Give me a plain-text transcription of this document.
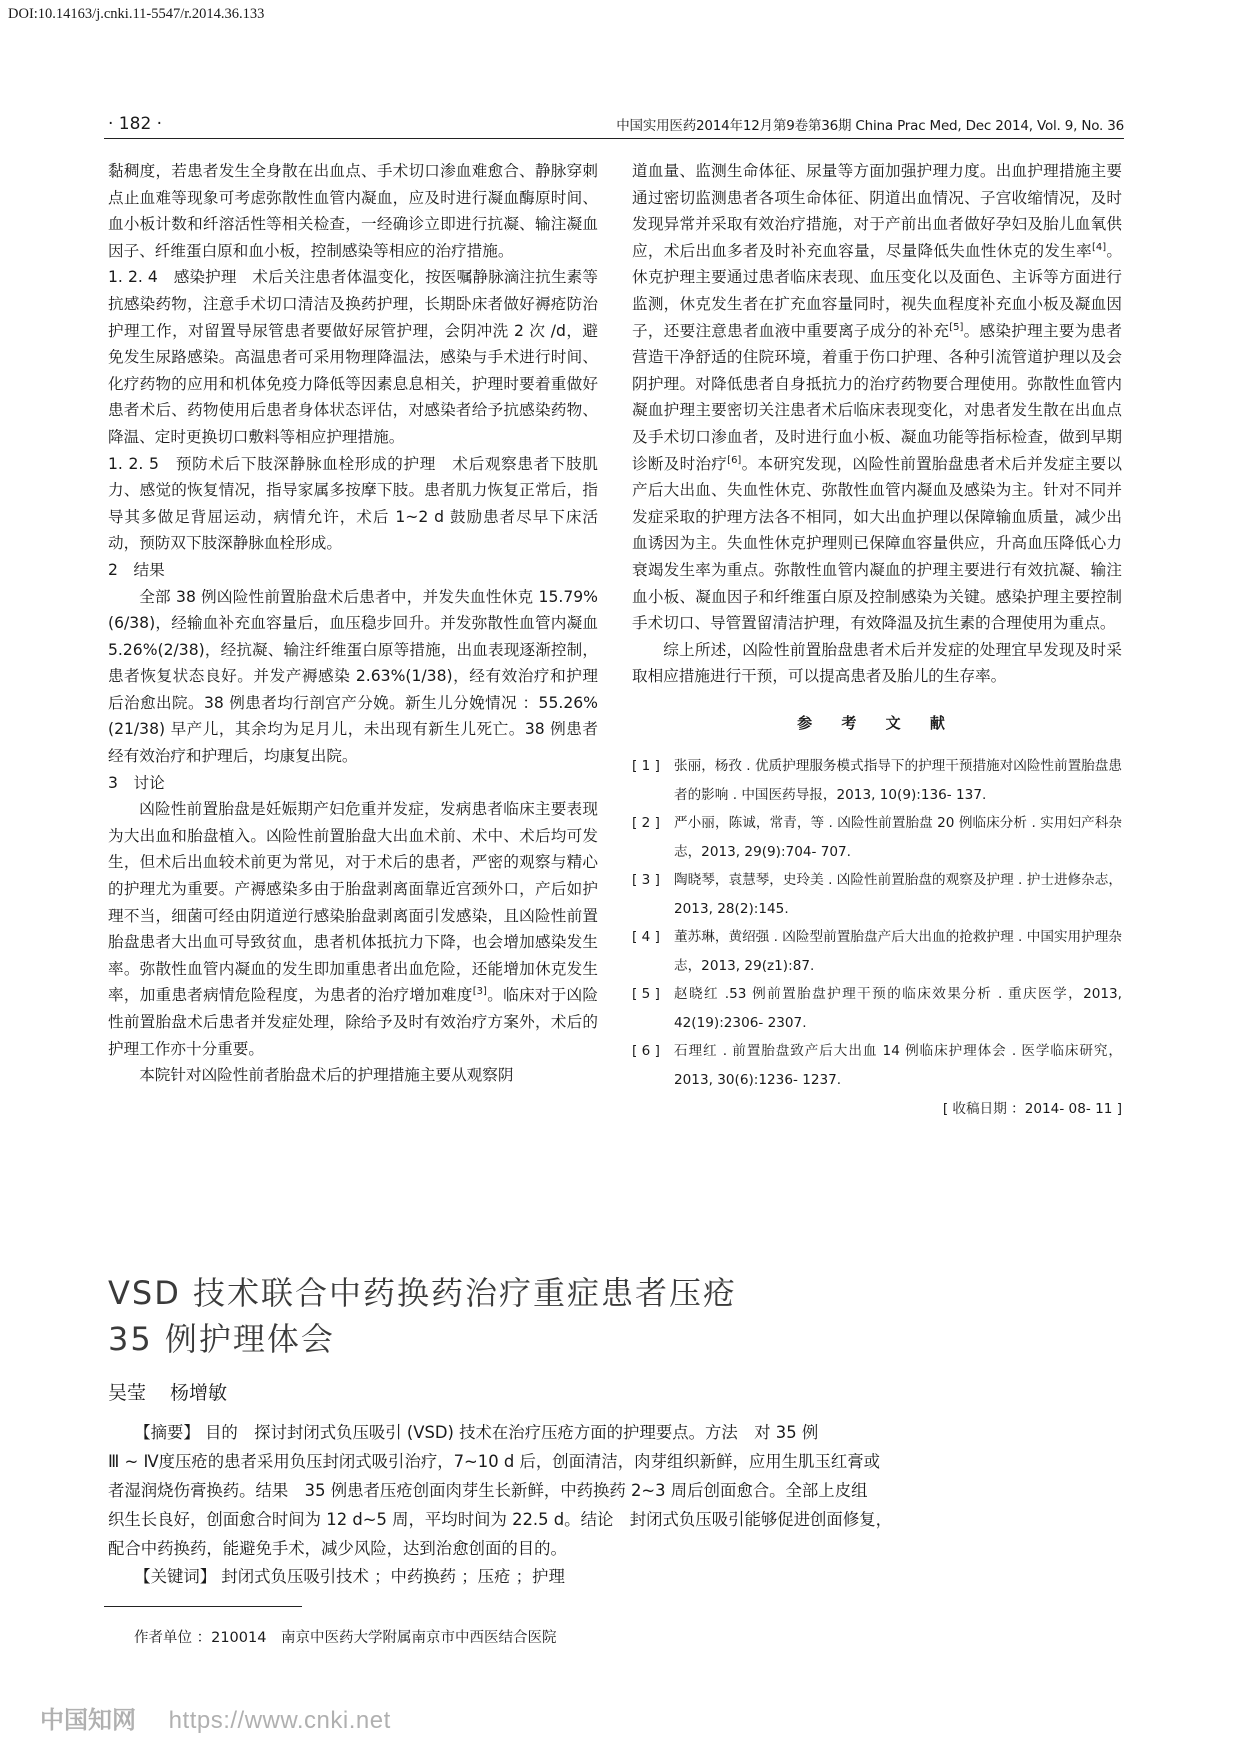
DOI:10.14163/j.cnki.11-5547/r.2014.36.133
· 182 ·	中国实用医药2014年12月第9卷第36期 China Prac Med, Dec 2014, Vol. 9, No. 36

黏稠度，若患者发生全身散在出血点、手术切口渗血难愈合、静脉穿刺点止血难等现象可考虑弥散性血管内凝血，应及时进行凝血酶原时间、血小板计数和纤溶活性等相关检查，一经确诊立即进行抗凝、输注凝血因子、纤维蛋白原和血小板，控制感染等相应的治疗措施。

1. 2. 4　感染护理　术后关注患者体温变化，按医嘱静脉滴注抗生素等抗感染药物，注意手术切口清洁及换药护理，长期卧床者做好褥疮防治护理工作，对留置导尿管患者要做好尿管护理，会阴冲洗 2 次 /d，避免发生尿路感染。高温患者可采用物理降温法，感染与手术进行时间、化疗药物的应用和机体免疫力降低等因素息息相关，护理时要着重做好患者术后、药物使用后患者身体状态评估，对感染者给予抗感染药物、降温、定时更换切口敷料等相应护理措施。

1. 2. 5　预防术后下肢深静脉血栓形成的护理　术后观察患者下肢肌力、感觉的恢复情况，指导家属多按摩下肢。患者肌力恢复正常后，指导其多做足背屈运动，病情允许，术后 1~2 d 鼓励患者尽早下床活动，预防双下肢深静脉血栓形成。

2　结果

全部 38 例凶险性前置胎盘术后患者中，并发失血性休克 15.79%(6/38)，经输血补充血容量后，血压稳步回升。并发弥散性血管内凝血 5.26%(2/38)，经抗凝、输注纤维蛋白原等措施，出血表现逐渐控制，患者恢复状态良好。并发产褥感染 2.63%(1/38)，经有效治疗和护理后治愈出院。38 例患者均行剖宫产分娩。新生儿分娩情况 ：55.26%(21/38) 早产儿，其余均为足月儿，未出现有新生儿死亡。38 例患者经有效治疗和护理后，均康复出院。

3　讨论

凶险性前置胎盘是妊娠期产妇危重并发症，发病患者临床主要表现为大出血和胎盘植入。凶险性前置胎盘大出血术前、术中、术后均可发生，但术后出血较术前更为常见，对于术后的患者，严密的观察与精心的护理尤为重要。产褥感染多由于胎盘剥离面靠近宫颈外口，产后如护理不当，细菌可经由阴道逆行感染胎盘剥离面引发感染，且凶险性前置胎盘患者大出血可导致贫血，患者机体抵抗力下降，也会增加感染发生率。弥散性血管内凝血的发生即加重患者出血危险，还能增加休克发生率，加重患者病情危险程度，为患者的治疗增加难度[3]。临床对于凶险性前置胎盘术后患者并发症处理，除给予及时有效治疗方案外，术后的护理工作亦十分重要。

本院针对凶险性前者胎盘术后的护理措施主要从观察阴

道血量、监测生命体征、尿量等方面加强护理力度。出血护理措施主要通过密切监测患者各项生命体征、阴道出血情况、子宫收缩情况，及时发现异常并采取有效治疗措施，对于产前出血者做好孕妇及胎儿血氧供应，术后出血多者及时补充血容量，尽量降低失血性休克的发生率[4]。休克护理主要通过患者临床表现、血压变化以及面色、主诉等方面进行监测，休克发生者在扩充血容量同时，视失血程度补充血小板及凝血因子，还要注意患者血液中重要离子成分的补充[5]。感染护理主要为患者营造干净舒适的住院环境，着重于伤口护理、各种引流管道护理以及会阴护理。对降低患者自身抵抗力的治疗药物要合理使用。弥散性血管内凝血护理主要密切关注患者术后临床表现变化，对患者发生散在出血点及手术切口渗血者，及时进行血小板、凝血功能等指标检查，做到早期诊断及时治疗[6]。本研究发现，凶险性前置胎盘患者术后并发症主要以产后大出血、失血性休克、弥散性血管内凝血及感染为主。针对不同并发症采取的护理方法各不相同，如大出血护理以保障输血质量，减少出血诱因为主。失血性休克护理则已保障血容量供应，升高血压降低心力衰竭发生率为重点。弥散性血管内凝血的护理主要进行有效抗凝、输注血小板、凝血因子和纤维蛋白原及控制感染为关键。感染护理主要控制手术切口、导管置留清洁护理，有效降温及抗生素的合理使用为重点。

综上所述，凶险性前置胎盘患者术后并发症的处理宜早发现及时采取相应措施进行干预，可以提高患者及胎儿的生存率。

参 考 文 献

[ 1 ]	张丽，杨孜 . 优质护理服务模式指导下的护理干预措施对凶险性前置胎盘患者的影响 . 中国医药导报，2013, 10(9):136- 137.
[ 2 ]	严小丽，陈诚，常青，等 . 凶险性前置胎盘 20 例临床分析 . 实用妇产科杂志，2013, 29(9):704- 707.
[ 3 ]	陶晓琴，袁慧琴，史玲美 . 凶险性前置胎盘的观察及护理 . 护士进修杂志，2013, 28(2):145.
[ 4 ]	董苏琳，黄绍强 . 凶险型前置胎盘产后大出血的抢救护理 . 中国实用护理杂志，2013, 29(z1):87.
[ 5 ]	赵晓红 .53 例前置胎盘护理干预的临床效果分析 . 重庆医学，2013, 42(19):2306- 2307.
[ 6 ]	石理红 . 前置胎盘致产后大出血 14 例临床护理体会 . 医学临床研究，2013, 30(6):1236- 1237.

[ 收稿日期 ：2014- 08- 11 ]

VSD 技术联合中药换药治疗重症患者压疮
35 例护理体会

吴莹 杨增敏

【摘要】 目的　探讨封闭式负压吸引 (VSD) 技术在治疗压疮方面的护理要点。方法　对 35 例
Ⅲ ~ Ⅳ度压疮的患者采用负压封闭式吸引治疗，7~10 d 后，创面清洁，肉芽组织新鲜，应用生肌玉红膏或
者湿润烧伤膏换药。结果　35 例患者压疮创面肉芽生长新鲜，中药换药 2~3 周后创面愈合。全部上皮组
织生长良好，创面愈合时间为 12 d~5 周，平均时间为 22.5 d。结论　封闭式负压吸引能够促进创面修复，
配合中药换药，能避免手术，减少风险，达到治愈创面的目的。

【关键词】 封闭式负压吸引技术 ；中药换药 ；压疮 ；护理

作者单位 ：210014　南京中医药大学附属南京市中西医结合医院

中国知网 https://www.cnki.net
